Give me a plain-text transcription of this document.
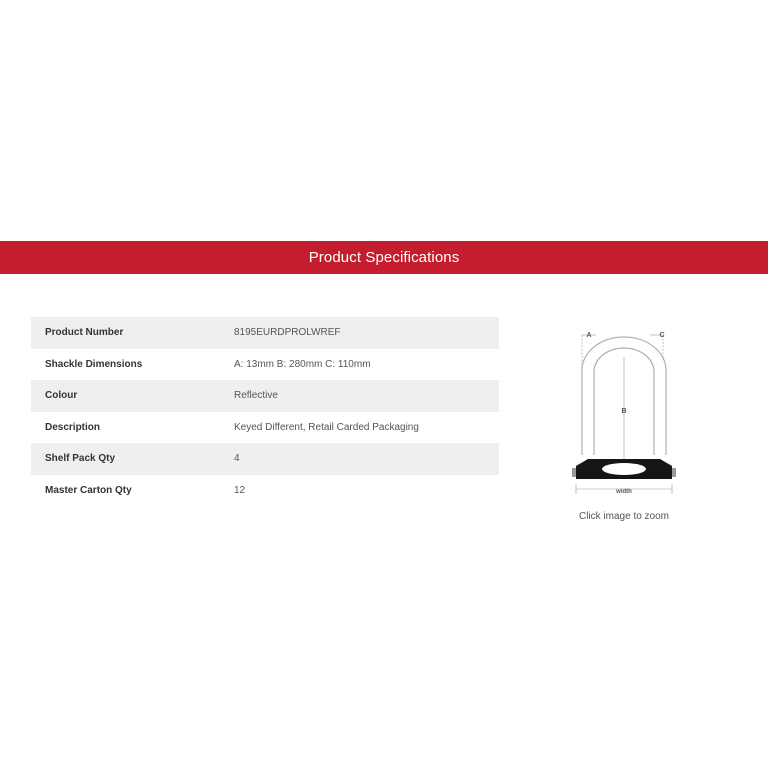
Product Specifications
Product Number	8195EURDPROLWREF
Shackle Dimensions	A: 13mm B: 280mm C: 110mm
Colour	Reflective
Description	Keyed Different, Retail Carded Packaging
Shelf Pack Qty	4
Master Carton Qty	12
A	C
B
width
Click image to zoom
